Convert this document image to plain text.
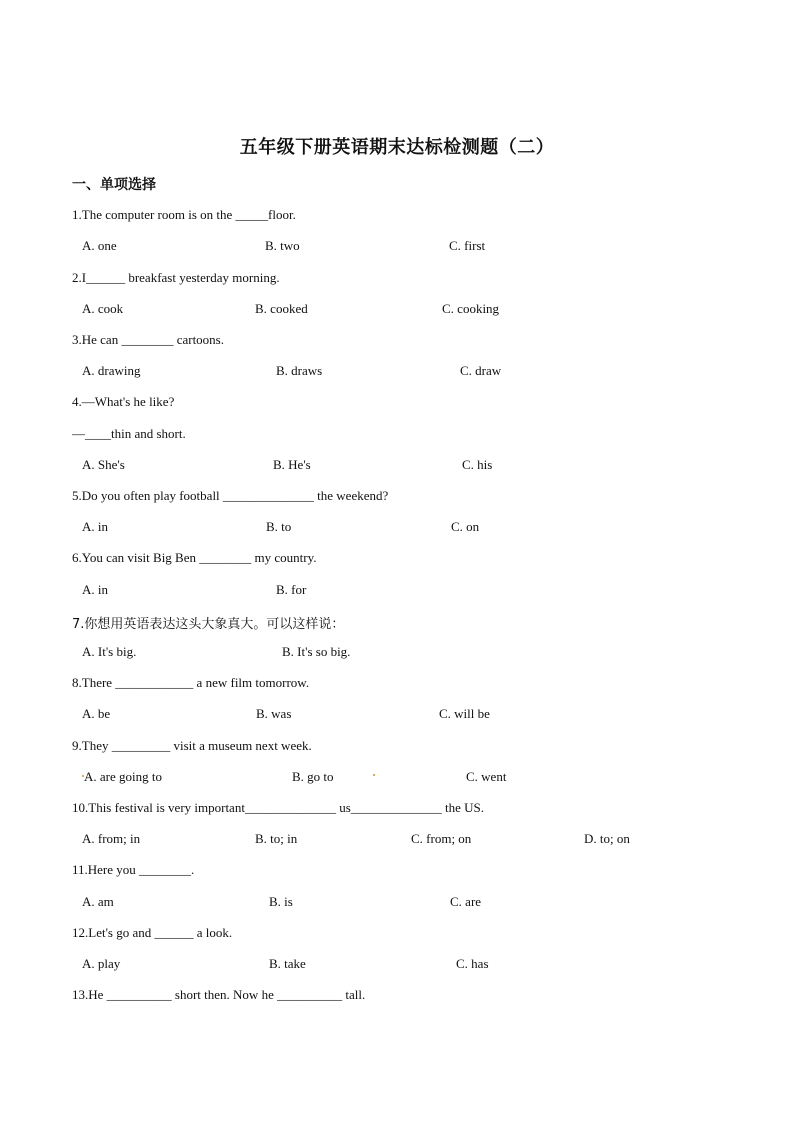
五年级下册英语期末达标检测题（二）
一、单项选择
1.The computer room is on the _____floor.
A. one	B. two	C. first
2.I______ breakfast yesterday morning.
A. cook	B. cooked	C. cooking
3.He can ________ cartoons.
A. drawing	B. draws	C. draw
4.—What's he like?
—____thin and short.
A. She's	B. He's	C. his
5.Do you often play football ______________ the weekend?
A. in	B. to	C. on
6.You can visit Big Ben ________ my country.
A. in	B. for
7.你想用英语表达这头大象真大。可以这样说：
A. It's big.	B. It's so big.
8.There ____________ a new film tomorrow.
A. be	B. was	C. will be
9.They _________ visit a museum next week.
A. are going to	B. go to	C. went
10.This festival is very important______________ us______________ the US.
A. from; in	B. to; in	C. from; on	D. to; on
11.Here you ________.
A. am	B. is	C. are
12.Let's go and ______ a look.
A. play	B. take	C. has
13.He __________ short then. Now he __________ tall.
